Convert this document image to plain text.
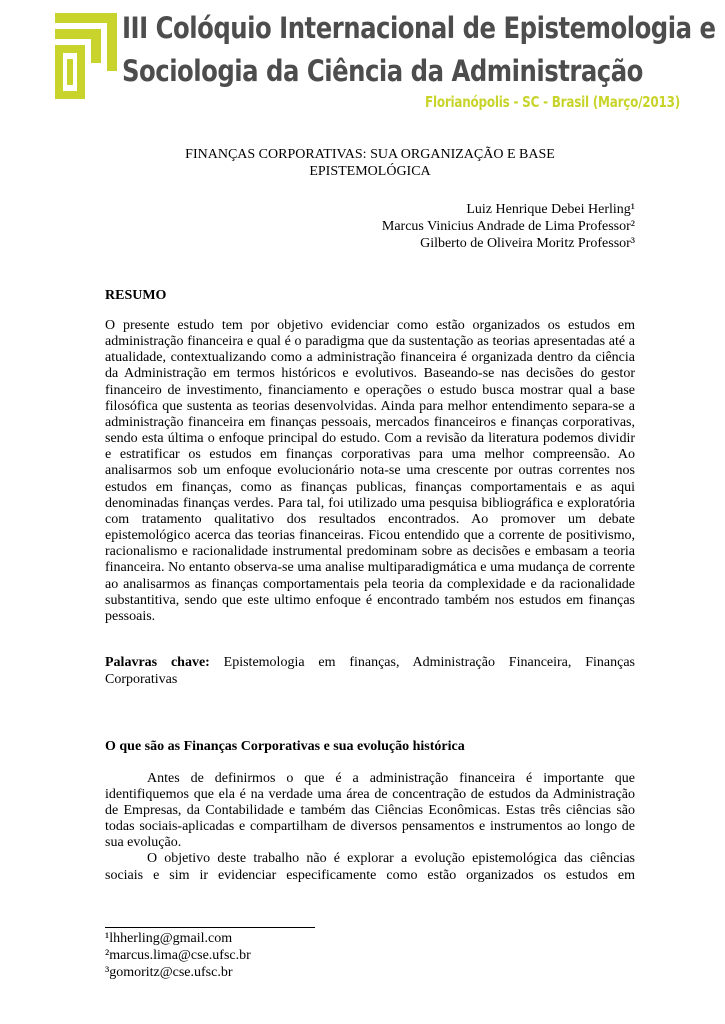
III Colóquio Internacional de Epistemologia e
Sociologia da Ciência da Administração
Florianópolis - SC - Brasil (Março/2013)
FINANÇAS CORPORATIVAS: SUA ORGANIZAÇÃO E BASE
EPISTEMOLÓGICA
Luiz Henrique Debei Herling¹
Marcus Vinicius Andrade de Lima Professor²
Gilberto de Oliveira Moritz Professor³
RESUMO
O presente estudo tem por objetivo evidenciar como estão organizados os estudos em administração financeira e qual é o paradigma que da sustentação as teorias apresentadas até a atualidade, contextualizando como a administração financeira é organizada dentro da ciência da Administração em termos históricos e evolutivos. Baseando-se nas decisões do gestor financeiro de investimento, financiamento e operações o estudo busca mostrar qual a base filosófica que sustenta as teorias desenvolvidas. Ainda para melhor entendimento separa-se a administração financeira em finanças pessoais, mercados financeiros e finanças corporativas, sendo esta última o enfoque principal do estudo. Com a revisão da literatura podemos dividir e estratificar os estudos em finanças corporativas para uma melhor compreensão. Ao analisarmos sob um enfoque evolucionário nota-se uma crescente por outras correntes nos estudos em finanças, como as finanças publicas, finanças comportamentais e as aqui denominadas finanças verdes. Para tal, foi utilizado uma pesquisa bibliográfica e exploratória com tratamento qualitativo dos resultados encontrados. Ao promover um debate epistemológico acerca das teorias financeiras. Ficou entendido que a corrente de positivismo, racionalismo e racionalidade instrumental predominam sobre as decisões e embasam a teoria financeira. No entanto observa-se uma analise multiparadigmática e uma mudança de corrente ao analisarmos as finanças comportamentais pela teoria da complexidade e da racionalidade substantitiva, sendo que este ultimo enfoque é encontrado também nos estudos em finanças pessoais.
Palavras chave: Epistemologia em finanças, Administração Financeira, Finanças Corporativas
O que são as Finanças Corporativas e sua evolução histórica

Antes de definirmos o que é a administração financeira é importante que identifiquemos que ela é na verdade uma área de concentração de estudos da Administração de Empresas, da Contabilidade e também das Ciências Econômicas. Estas três ciências são todas sociais-aplicadas e compartilham de diversos pensamentos e instrumentos ao longo de sua evolução.

O objetivo deste trabalho não é explorar a evolução epistemológica das ciências sociais e sim ir evidenciar especificamente como estão organizados os estudos em

¹lhherling@gmail.com
²marcus.lima@cse.ufsc.br
³gomoritz@cse.ufsc.br
